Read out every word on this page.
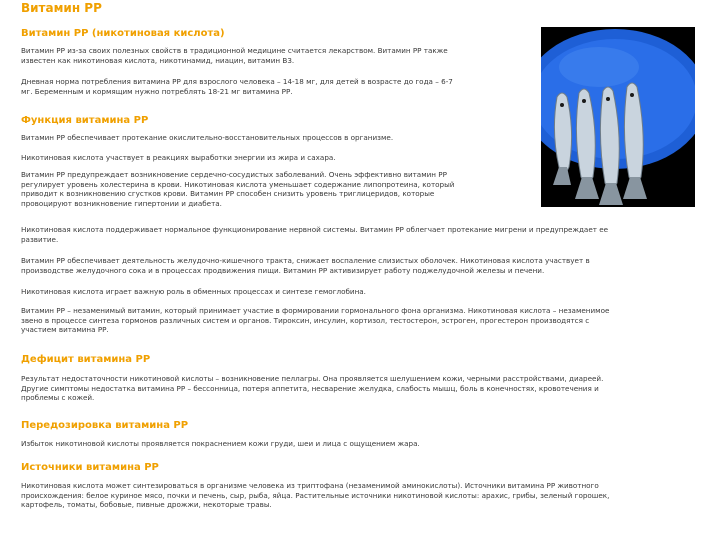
Витамин PP
Витамин РР (никотиновая кислота)

Витамин РР из-за своих полезных свойств в традиционной медицине считается лекарством. Витамин РР также
известен как никотиновая кислота, никотинамид, ниацин, витамин В3.

Дневная норма потребления витамина РР для взрослого человека – 14-18 мг, для детей в возрасте до года – 6-7
мг. Беременным и кормящим нужно потреблять 18-21 мг витамина РР.

Функция витамина РР

Витамин РР обеспечивает протекание окислительно-восстановительных процессов в организме.

Никотиновая кислота участвует в реакциях выработки энергии из жира и сахара.

Витамин РР предупреждает возникновение сердечно-сосудистых заболеваний. Очень эффективно витамин РР
регулирует уровень холестерина в крови. Никотиновая кислота уменьшает содержание липопротеина, который
приводит к возникновению сгустков крови. Витамин РР способен снизить уровень триглицеридов, которые
провоцируют возникновение гипертонии и диабета.

Никотиновая кислота поддерживает нормальное функционирование нервной системы. Витамин РР облегчает протекание мигрени и предупреждает ее
развитие.

Витамин РР обеспечивает деятельность желудочно-кишечного тракта, снижает воспаление слизистых оболочек. Никотиновая кислота участвует в
производстве желудочного сока и в процессах продвижения пищи. Витамин РР активизирует работу поджелудочной железы и печени.

Никотиновая кислота играет важную роль в обменных процессах и синтезе гемоглобина.

Витамин РР – незаменимый витамин, который принимает участие в формировании гормонального фона организма. Никотиновая кислота – незаменимое
звено в процессе синтеза гормонов различных систем и органов. Тироксин, инсулин, кортизол, тестостерон, эстроген, прогестерон производятся с
участием витамина РР.

Дефицит витамина РР

Результат недостаточности никотиновой кислоты – возникновение пеллагры. Она проявляется шелушением кожи, черными расстройствами, диареей.
Другие симптомы недостатка витамина РР – бессонница, потеря аппетита, несварение желудка, слабость мышц, боль в конечностях, кровотечения и
проблемы с кожей.

Передозировка витамина РР

Избыток никотиновой кислоты проявляется покраснением кожи груди, шеи и лица с ощущением жара.

Источники витамина РР

Никотиновая кислота может синтезироваться в организме человека из триптофана (незаменимой аминокислоты). Источники витамина РР животного
происхождения: белое куриное мясо, почки и печень, сыр, рыба, яйца. Растительные источники никотиновой кислоты: арахис, грибы, зеленый горошек,
картофель, томаты, бобовые, пивные дрожжи, некоторые травы.
